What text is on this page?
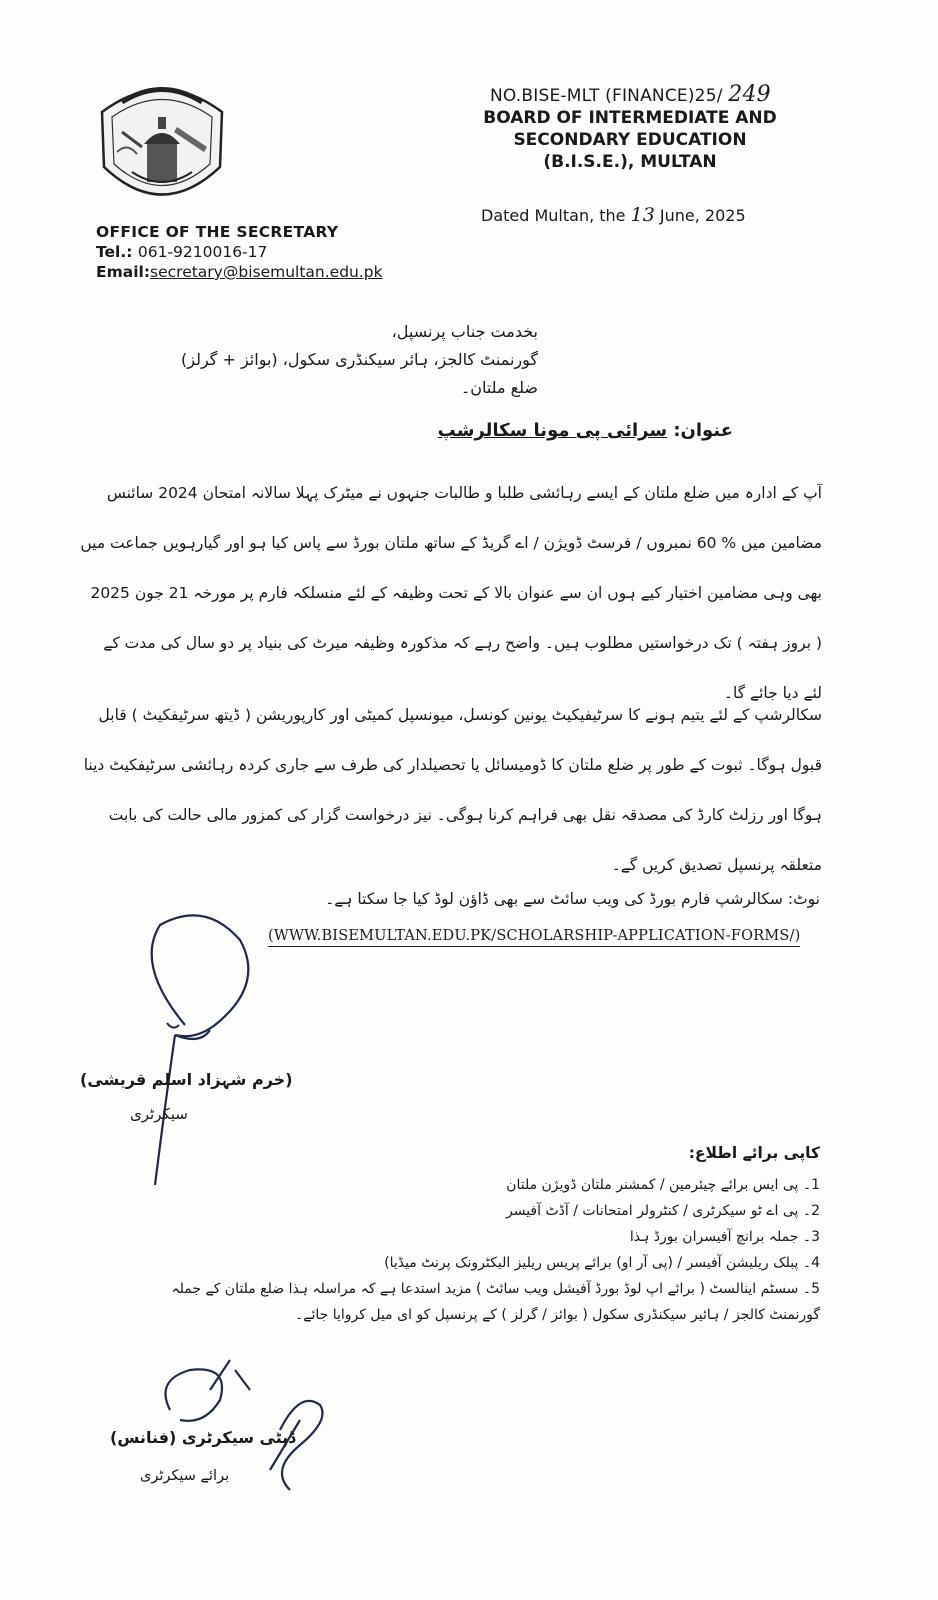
NO.BISE-MLT (FINANCE)25/ 249
BOARD OF INTERMEDIATE AND
SECONDARY EDUCATION
(B.I.S.E.), MULTAN
Dated Multan, the 13 June, 2025
OFFICE OF THE SECRETARY
Tel.: 061-9210016-17
Email:secretary@bisemultan.edu.pk
بخدمت جناب پرنسپل،
گورنمنٹ کالجز، ہائر سیکنڈری سکول، (بوائز + گرلز)
ضلع ملتان۔
عنوان: سرائی پی مونا سکالرشپ
آپ کے ادارہ میں ضلع ملتان کے ایسے رہائشی طلبا و طالبات جنہوں نے میٹرک پہلا سالانہ امتحان 2024 سائنس مضامین میں % 60 نمبروں / فرسٹ ڈویژن / اے گریڈ کے ساتھ ملتان بورڈ سے پاس کیا ہو اور گیارہویں جماعت میں بھی وہی مضامین اختیار کیے ہوں ان سے عنوان بالا کے تحت وظیفہ کے لئے منسلکہ فارم پر مورخہ 21 جون 2025 ( بروز ہفتہ ) تک درخواستیں مطلوب ہیں۔ واضح رہے کہ مذکورہ وظیفہ میرٹ کی بنیاد پر دو سال کی مدت کے لئے دیا جائے گا۔
سکالرشپ کے لئے یتیم ہونے کا سرٹیفیکیٹ یونین کونسل، میونسپل کمیٹی اور کارپوریشن ( ڈیتھ سرٹیفکیٹ ) قابل قبول ہوگا۔ ثبوت کے طور پر ضلع ملتان کا ڈومیسائل یا تحصیلدار کی طرف سے جاری کردہ رہائشی سرٹیفکیٹ دینا ہوگا اور رزلٹ کارڈ کی مصدقہ نقل بھی فراہم کرنا ہوگی۔ نیز درخواست گزار کی کمزور مالی حالت کی بابت متعلقہ پرنسپل تصدیق کریں گے۔
نوٹ: سکالرشپ فارم بورڈ کی ویب سائٹ سے بھی ڈاؤن لوڈ کیا جا سکتا ہے۔
(WWW.BISEMULTAN.EDU.PK/SCHOLARSHIP-APPLICATION-FORMS/)
(خرم شہزاد اسلم قریشی)
سیکرٹری
کاپی برائے اطلاع:
1۔ پی ایس برائے چیئرمین / کمشنر ملتان ڈویژن ملتان
2۔ پی اے ٹو سیکرٹری / کنٹرولر امتحانات / آڈٹ آفیسر
3۔ جملہ برانچ آفیسران بورڈ ہذا
4۔ پبلک ریلیشن آفیسر / (پی آر او) برائے پریس ریلیز الیکٹرونک پرنٹ میڈیا)
5۔ سسٹم اینالسٹ ( برائے اپ لوڈ بورڈ آفیشل ویب سائٹ ) مزید استدعا ہے کہ مراسلہ ہذا ضلع ملتان کے جملہ گورنمنٹ کالجز / ہائیر سیکنڈری سکول ( بوائز / گرلز ) کے پرنسپل کو ای میل کروایا جائے۔
ڈپٹی سیکرٹری (فنانس)
برائے سیکرٹری
